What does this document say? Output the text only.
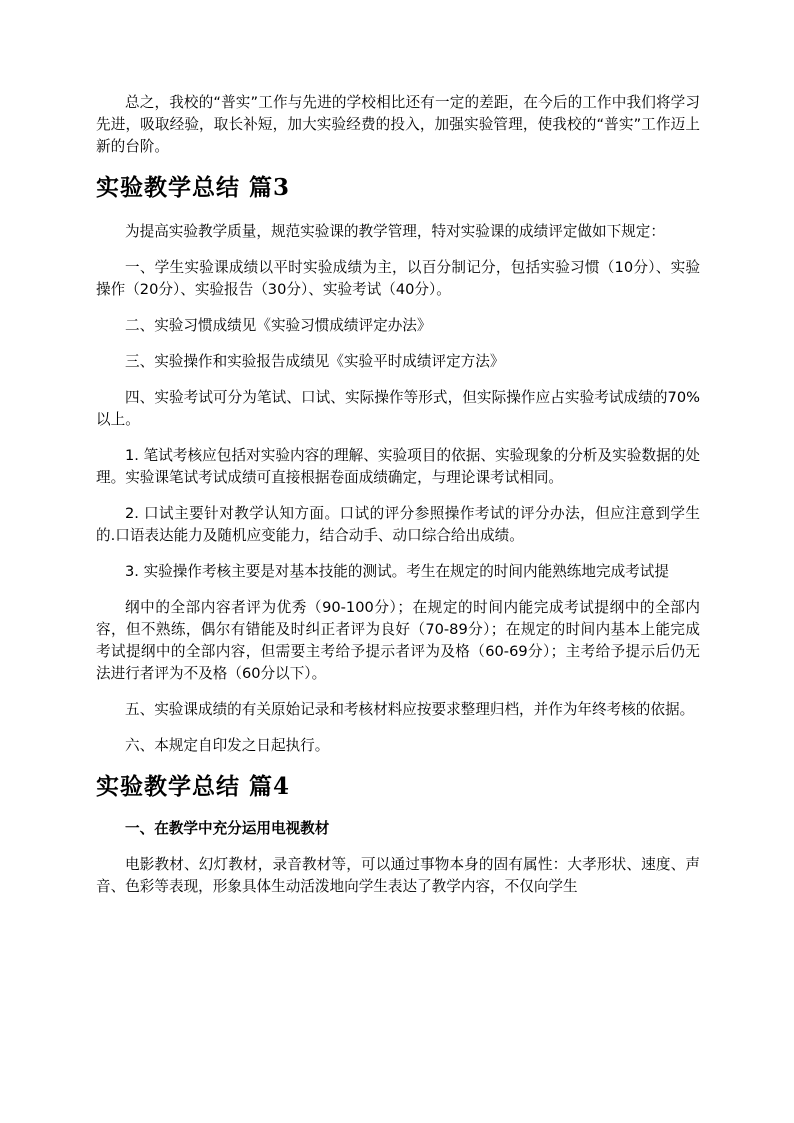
总之，我校的“普实”工作与先进的学校相比还有一定的差距，在今后的工作中我们将学习先进，吸取经验，取长补短，加大实验经费的投入，加强实验管理，使我校的“普实”工作迈上新的台阶。

实验教学总结 篇3

为提高实验教学质量，规范实验课的教学管理，特对实验课的成绩评定做如下规定：

一、学生实验课成绩以平时实验成绩为主，以百分制记分，包括实验习惯（10分）、实验操作（20分）、实验报告（30分）、实验考试（40分）。

二、实验习惯成绩见《实验习惯成绩评定办法》

三、实验操作和实验报告成绩见《实验平时成绩评定方法》

四、实验考试可分为笔试、口试、实际操作等形式，但实际操作应占实验考试成绩的70%以上。

1. 笔试考核应包括对实验内容的理解、实验项目的依据、实验现象的分析及实验数据的处理。实验课笔试考试成绩可直接根据卷面成绩确定，与理论课考试相同。

2. 口试主要针对教学认知方面。口试的评分参照操作考试的评分办法，但应注意到学生的.口语表达能力及随机应变能力，结合动手、动口综合给出成绩。

3. 实验操作考核主要是对基本技能的测试。考生在规定的时间内能熟练地完成考试提

纲中的全部内容者评为优秀（90-100分）；在规定的时间内能完成考试提纲中的全部内容，但不熟练，偶尔有错能及时纠正者评为良好（70-89分）；在规定的时间内基本上能完成考试提纲中的全部内容，但需要主考给予提示者评为及格（60-69分）；主考给予提示后仍无法进行者评为不及格（60分以下）。

五、实验课成绩的有关原始记录和考核材料应按要求整理归档，并作为年终考核的依据。

六、本规定自印发之日起执行。

实验教学总结 篇4
一、在教学中充分运用电视教材

电影教材、幻灯教材，录音教材等，可以通过事物本身的固有属性：大孝形状、速度、声音、色彩等表现，形象具体生动活泼地向学生表达了教学内容，不仅向学生
